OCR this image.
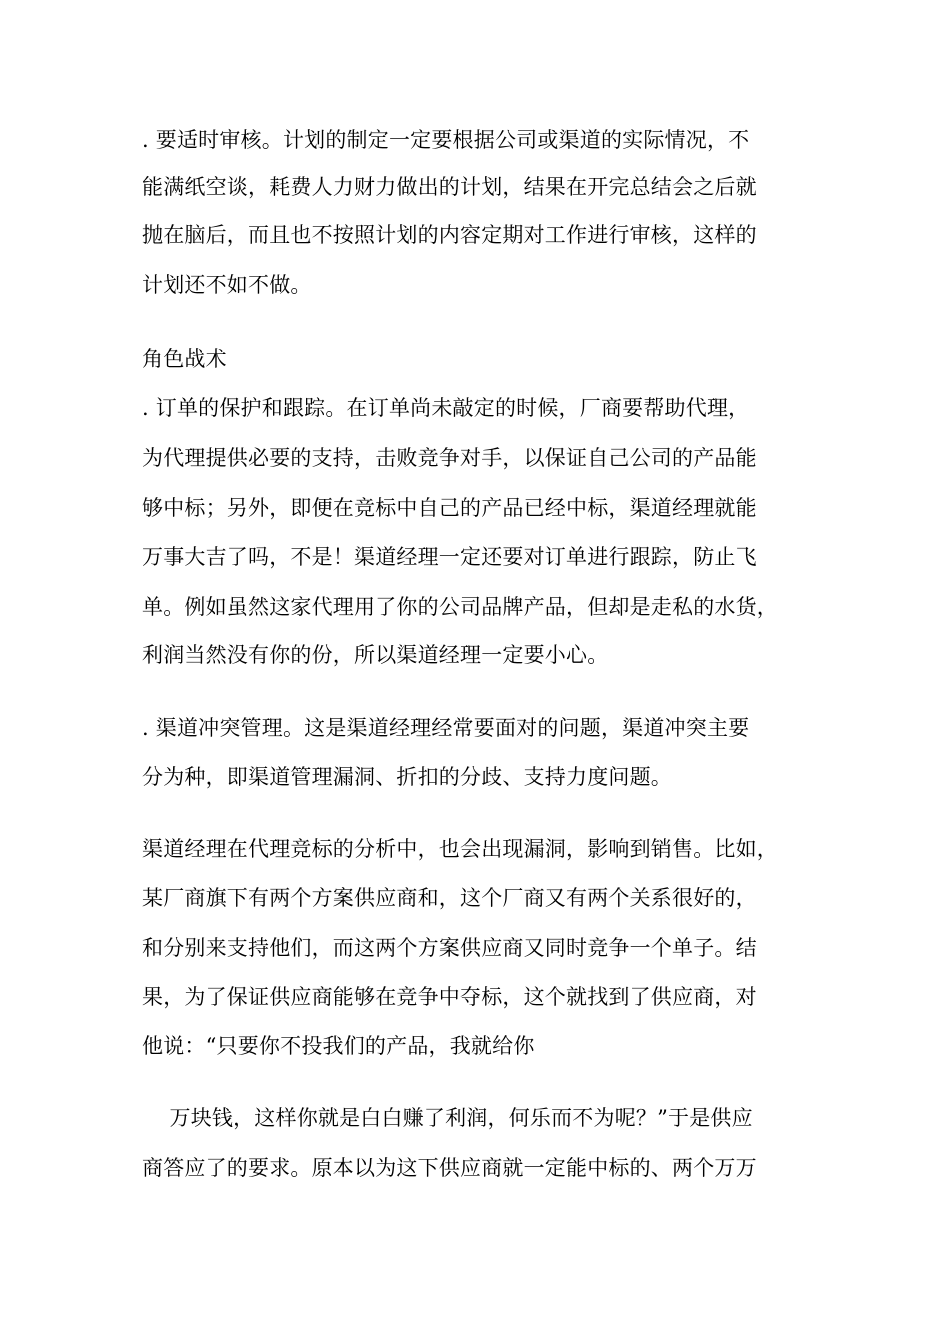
. 要适时审核。计划的制定一定要根据公司或渠道的实际情况，不
能满纸空谈，耗费人力财力做出的计划，结果在开完总结会之后就
抛在脑后，而且也不按照计划的内容定期对工作进行审核，这样的
计划还不如不做。
角色战术
. 订单的保护和跟踪。在订单尚未敲定的时候，厂商要帮助代理，
为代理提供必要的支持，击败竞争对手，以保证自己公司的产品能
够中标；另外，即便在竞标中自己的产品已经中标，渠道经理就能
万事大吉了吗，不是！渠道经理一定还要对订单进行跟踪，防止飞
单。例如虽然这家代理用了你的公司品牌产品，但却是走私的水货，
利润当然没有你的份，所以渠道经理一定要小心。
. 渠道冲突管理。这是渠道经理经常要面对的问题，渠道冲突主要
分为种，即渠道管理漏洞、折扣的分歧、支持力度问题。
渠道经理在代理竞标的分析中，也会出现漏洞，影响到销售。比如，
某厂商旗下有两个方案供应商和，这个厂商又有两个关系很好的，
和分别来支持他们，而这两个方案供应商又同时竞争一个单子。结
果，为了保证供应商能够在竞争中夺标，这个就找到了供应商，对
他说：“只要你不投我们的产品，我就给你
万块钱，这样你就是白白赚了利润，何乐而不为呢？”于是供应
商答应了的要求。原本以为这下供应商就一定能中标的、两个万万
